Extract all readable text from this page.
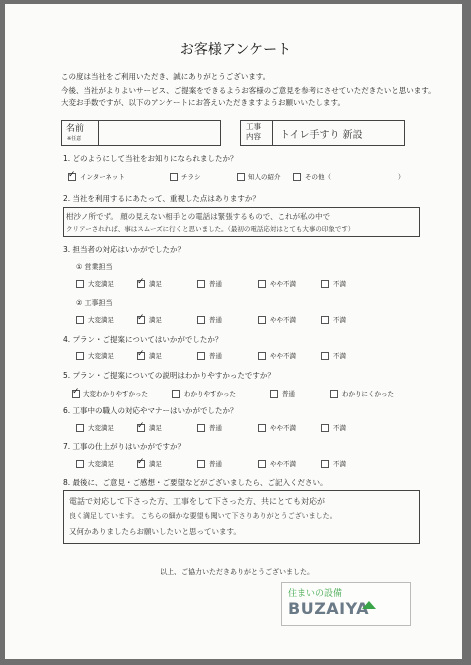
お客様アンケート
この度は当社をご利用いただき、誠にありがとうございます。
今後、当社がよりよいサービス、ご提案をできるようお客様のご意見を参考にさせていただきたいと思います。
大変お手数ですが、以下のアンケートにお答えいただきますようお願いいたします。
名前
※任意
工事
内容 トイレ手すり 新設
1. どのようにして当社をお知りになられましたか？
✓
インターネット	チラシ	知人の紹介	その他（	）
2. 当社を利用するにあたって、重視した点はありますか？
柑沙ノ所でず。 顔の見えない相手との電話は緊張するもので、これが私の中で
クリアーされれば、事はスムーズに行くと思いました。（最初の電話応対はとても大事の印象です）
3. 担当者の対応はいかがでしたか？
① 営業担当
大変満足 ✓	満足	普通	やや不満	不満
② 工事担当
大変満足 ✓	満足	普通	やや不満	不満
4. プラン・ご提案についてはいかがでしたか？
大変満足 ✓	満足	普通	やや不満	不満
5. プラン・ご提案についての説明はわかりやすかったですか？
✓
大変わかりやすかった	わかりやすかった	普通	わかりにくかった
6. 工事中の職人の対応やマナーはいかがでしたか？
大変満足 ✓	満足	普通	やや不満	不満
7. 工事の仕上がりはいかがですか？
大変満足 ✓	満足	普通	やや不満	不満
8. 最後に、ご意見・ご感想・ご要望などがございましたら、ご記入ください。
電話で対応して下さった方、工事をして下さった方、共にとても対応が
良く満足しています。 こちらの細かな要望も聞いて下さりありがとうございました。
又何かありましたらお願いしたいと思っています。
以上、ご協力いただきありがとうございました。
住まいの設備
BUZAIYA
